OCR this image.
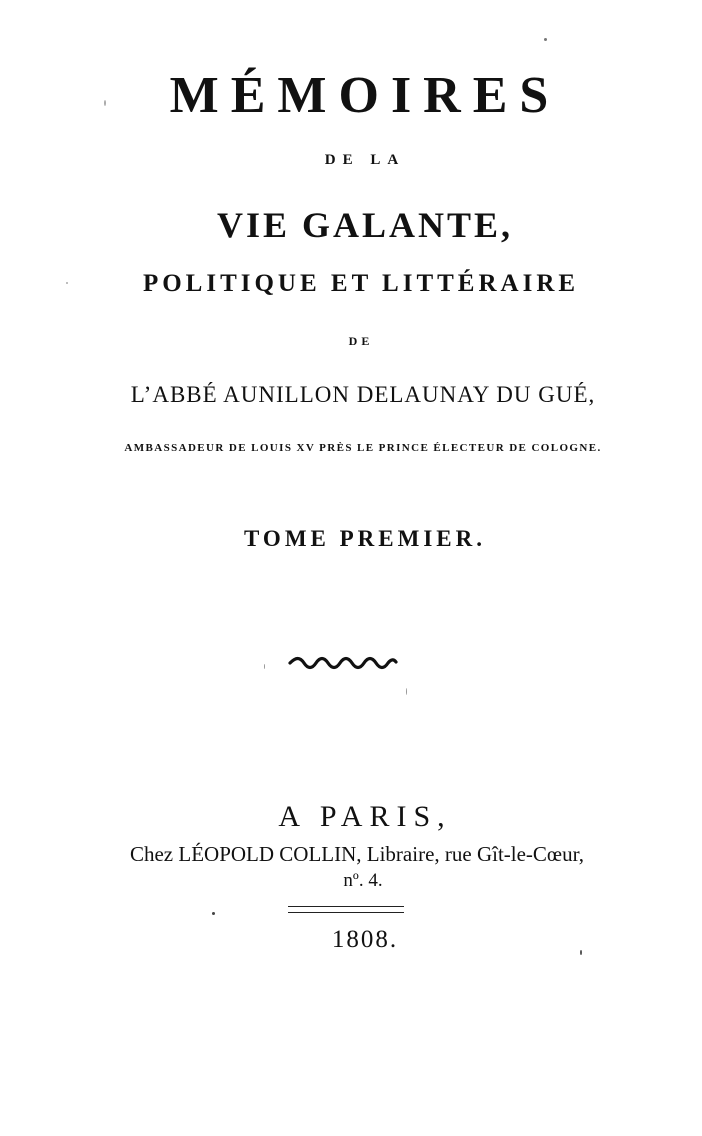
MÉMOIRES
DE LA
VIE GALANTE,
POLITIQUE ET LITTÉRAIRE
DE
L’ABBÉ AUNILLON DELAUNAY DU GUÉ,
AMBASSADEUR DE LOUIS XV PRÈS LE PRINCE ÉLECTEUR DE COLOGNE.
TOME PREMIER.
A PARIS,
Chez LÉOPOLD COLLIN, Libraire, rue Gît-le-Cœur,
nº. 4.
1808.
